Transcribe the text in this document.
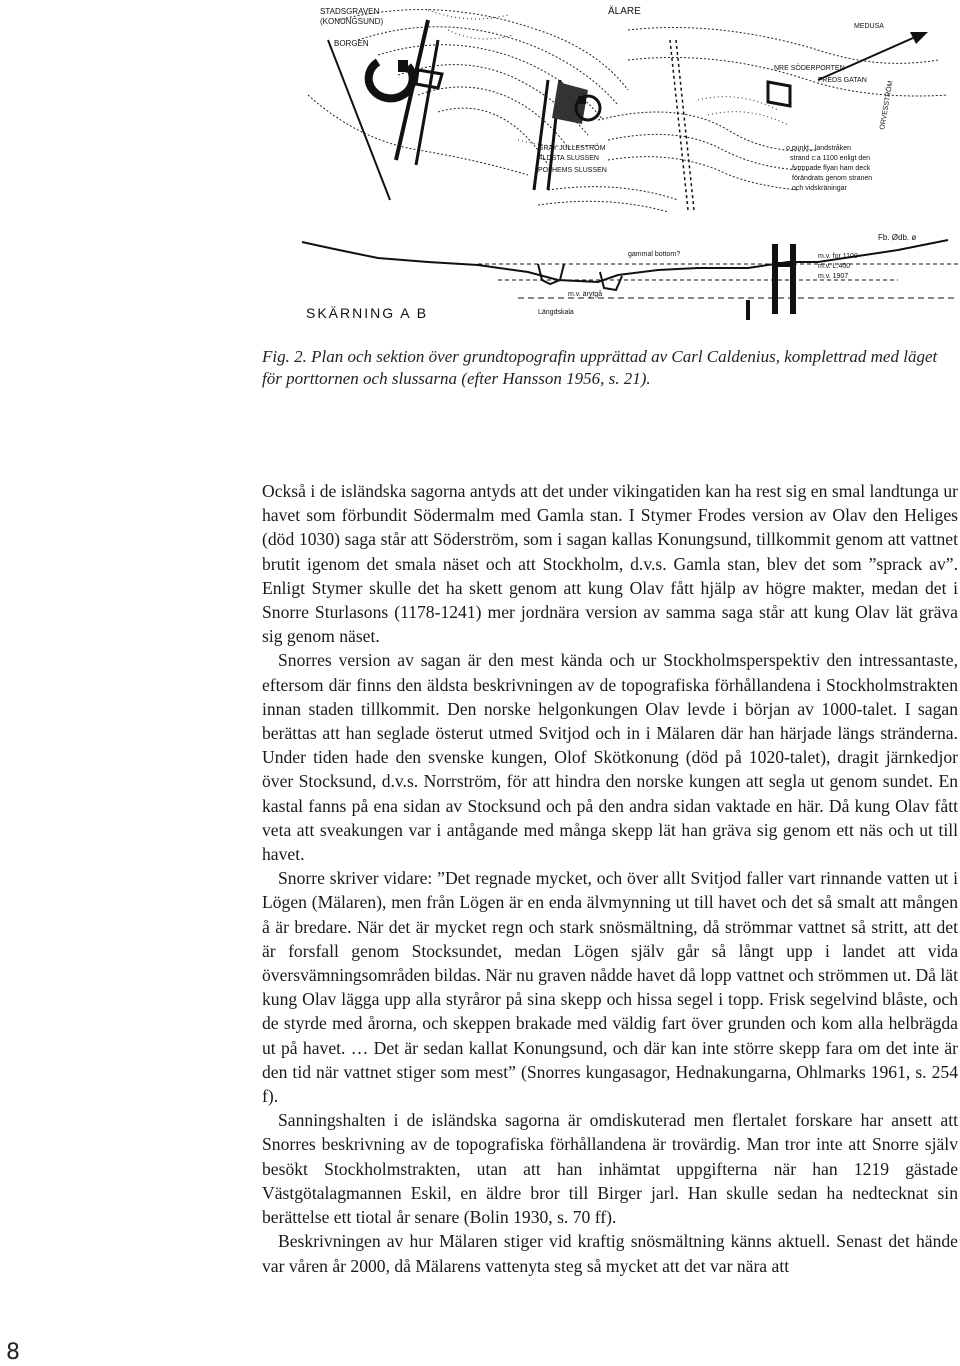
STADSGRAVEN
(KONUNGSUND)
BORGEN
ÄLARE
NRE SÖDERPORTEN
FREDS GATAN
MEDUSA
ORVESSTRÖM
GRAY JULLESTRÖM
ÄLDSTA SLUSSEN
POLHEMS SLUSSEN
o punkt...landstråken
strand c:a 1100 enligt den
fvrmoade flyan ham deck
förändrats genom stranen
och vidskräningar
Fb. Ødb. ø
gammal bottom?	m.v. for 1100
m.v. L.400
m.v. 1907
m.v. ärytgå
Längdskala
SKÄRNING A B
Fig. 2. Plan och sektion över grundtopografin upprättad av Carl Caldenius, komplettrad med läget för porttornen och slussarna (efter Hansson 1956, s. 21).

Också i de isländska sagorna antyds att det under vikingatiden kan ha rest sig en smal landtunga ur havet som förbundit Södermalm med Gamla stan. I Stymer Frodes version av Olav den Heliges (död 1030) saga står att Söderström, som i sagan kallas Konungsund, tillkommit genom att vattnet brutit igenom det smala näset och att Stockholm, d.v.s. Gamla stan, blev det som ”sprack av”. Enligt Stymer skulle det ha skett genom att kung Olav fått hjälp av högre makter, medan det i Snorre Sturlasons (1178-1241) mer jordnära version av samma saga står att kung Olav lät gräva sig genom näset.

Snorres version av sagan är den mest kända och ur Stockholmsperspektiv den intressantaste, eftersom där finns den äldsta beskrivningen av de topografiska förhållandena i Stockholmstrakten innan staden tillkommit. Den norske helgonkungen Olav levde i början av 1000-talet. I sagan berättas att han seglade österut utmed Svitjod och in i Mälaren där han härjade längs stränderna. Under tiden hade den svenske kungen, Olof Skötkonung (död på 1020-talet), dragit järnkedjor över Stocksund, d.v.s. Norrström, för att hindra den norske kungen att segla ut genom sundet. En kastal fanns på ena sidan av Stocksund och på den andra sidan vaktade en här. Då kung Olav fått veta att sveakungen var i antågande med många skepp lät han gräva sig genom ett näs och ut till havet.

Snorre skriver vidare: ”Det regnade mycket, och över allt Svitjod faller vart rinnande vatten ut i Lögen (Mälaren), men från Lögen är en enda älvmynning ut till havet och det så smalt att mången å är bredare. När det är mycket regn och stark snösmältning, då strömmar vattnet så stritt, att det är forsfall genom Stocksundet, medan Lögen själv går så långt upp i landet att vida översvämningsområden bildas. När nu graven nådde havet då lopp vattnet och strömmen ut. Då lät kung Olav lägga upp alla styråror på sina skepp och hissa segel i topp. Frisk segelvind blåste, och de styrde med årorna, och skeppen brakade med väldig fart över grunden och kom alla helbrägda ut på havet. … Det är sedan kallat Konungsund, och där kan inte större skepp fara om det inte är den tid när vattnet stiger som mest” (Snorres kungasagor, Hednakungarna, Ohlmarks 1961, s. 254 f).

Sanningshalten i de isländska sagorna är omdiskuterad men flertalet forskare har ansett att Snorres beskrivning av de topografiska förhållandena är trovärdig. Man tror inte att Snorre själv besökt Stockholmstrakten, utan att han inhämtat uppgifterna när han 1219 gästade Västgötalagmannen Eskil, en äldre bror till Birger jarl. Han skulle sedan ha nedtecknat sin berättelse ett tiotal år senare (Bolin 1930, s. 70 ff).

Beskrivningen av hur Mälaren stiger vid kraftig snösmältning känns aktuell. Senast det hände var våren år 2000, då Mälarens vattenyta steg så mycket att det var nära att

8
